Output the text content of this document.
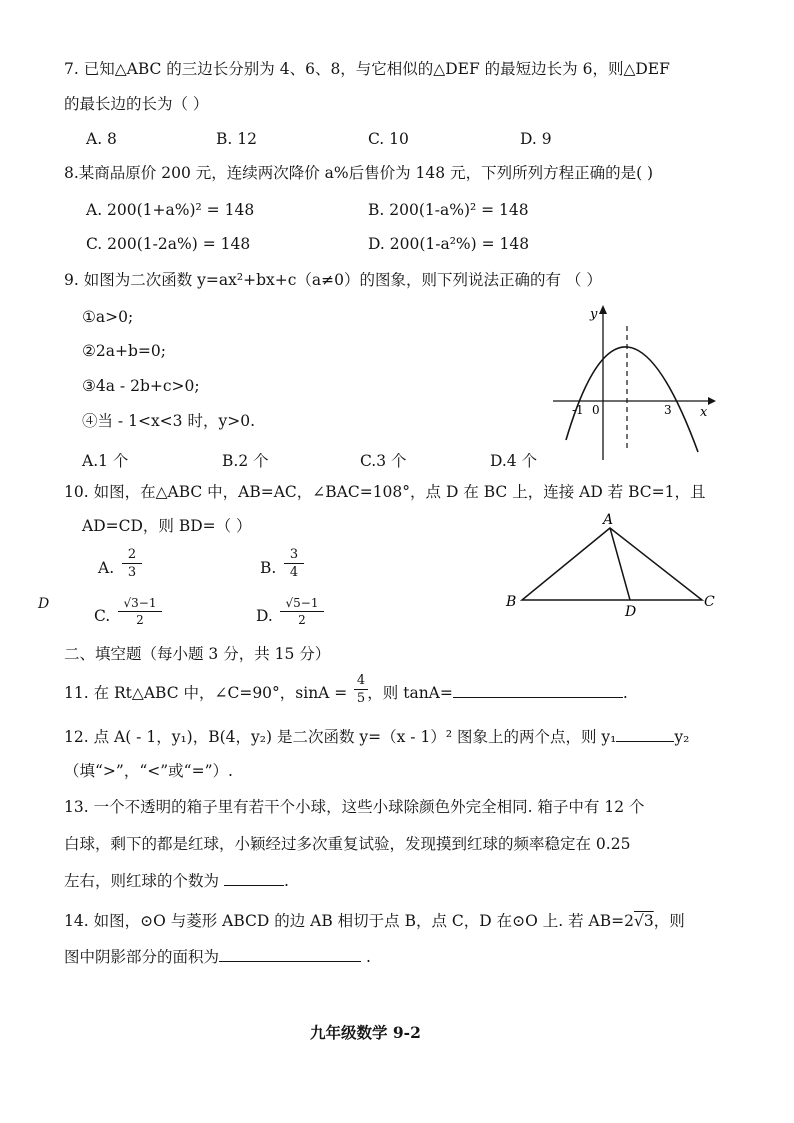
7. 已知△ABC 的三边长分别为 4、6、8，与它相似的△DEF 的最短边长为 6，则△DEF
的最长边的长为（ ）
A. 8	B. 12	C. 10	D. 9
8.某商品原价 200 元，连续两次降价 a%后售价为 148 元，下列所列方程正确的是( )
A. 200(1+a%)² = 148	B. 200(1-a%)² = 148
C. 200(1-2a%) = 148	D. 200(1-a²%) = 148
9. 如图为二次函数 y=ax²+bx+c（a≠0）的图象，则下列说法正确的有 （ ）
①a>0;
②2a+b=0;
③4a - 2b+c>0;
④当 - 1<x<3 时，y>0.
A.1 个	B.2 个	C.3 个	D.4 个
y
x
-1 0	3
10. 如图，在△ABC 中，AB=AC，∠BAC=108°，点 D 在 BC 上，连接 AD 若 BC=1，且
AD=CD，则 BD=（ ）
A. $\frac{2}{3}$	B. $\frac{3}{4}$
D
C. $\frac{√3-1}{2}$	D. $\frac{√5-1}{2}$
A
B	C
D
二、填空题（每小题 3 分，共 15 分）
11. 在 Rt△ABC 中，∠C=90°，sinA = ，则 tanA=	.
$\frac{4}{5}$
12. 点 A( - 1，y₁)，B(4，y₂) 是二次函数 y=（x - 1）² 图象上的两个点，则 y₁	y₂
（填“>”，“<”或“=”）.
13. 一个不透明的箱子里有若干个小球，这些小球除颜色外完全相同. 箱子中有 12 个
白球，剩下的都是红球，小颖经过多次重复试验，发现摸到红球的频率稳定在 0.25
左右，则红球的个数为	.
14. 如图，⊙O 与菱形 ABCD 的边 AB 相切于点 B，点 C，D 在⊙O 上. 若 AB=2√3，则
图中阴影部分的面积为	.
九年级数学 9-2
